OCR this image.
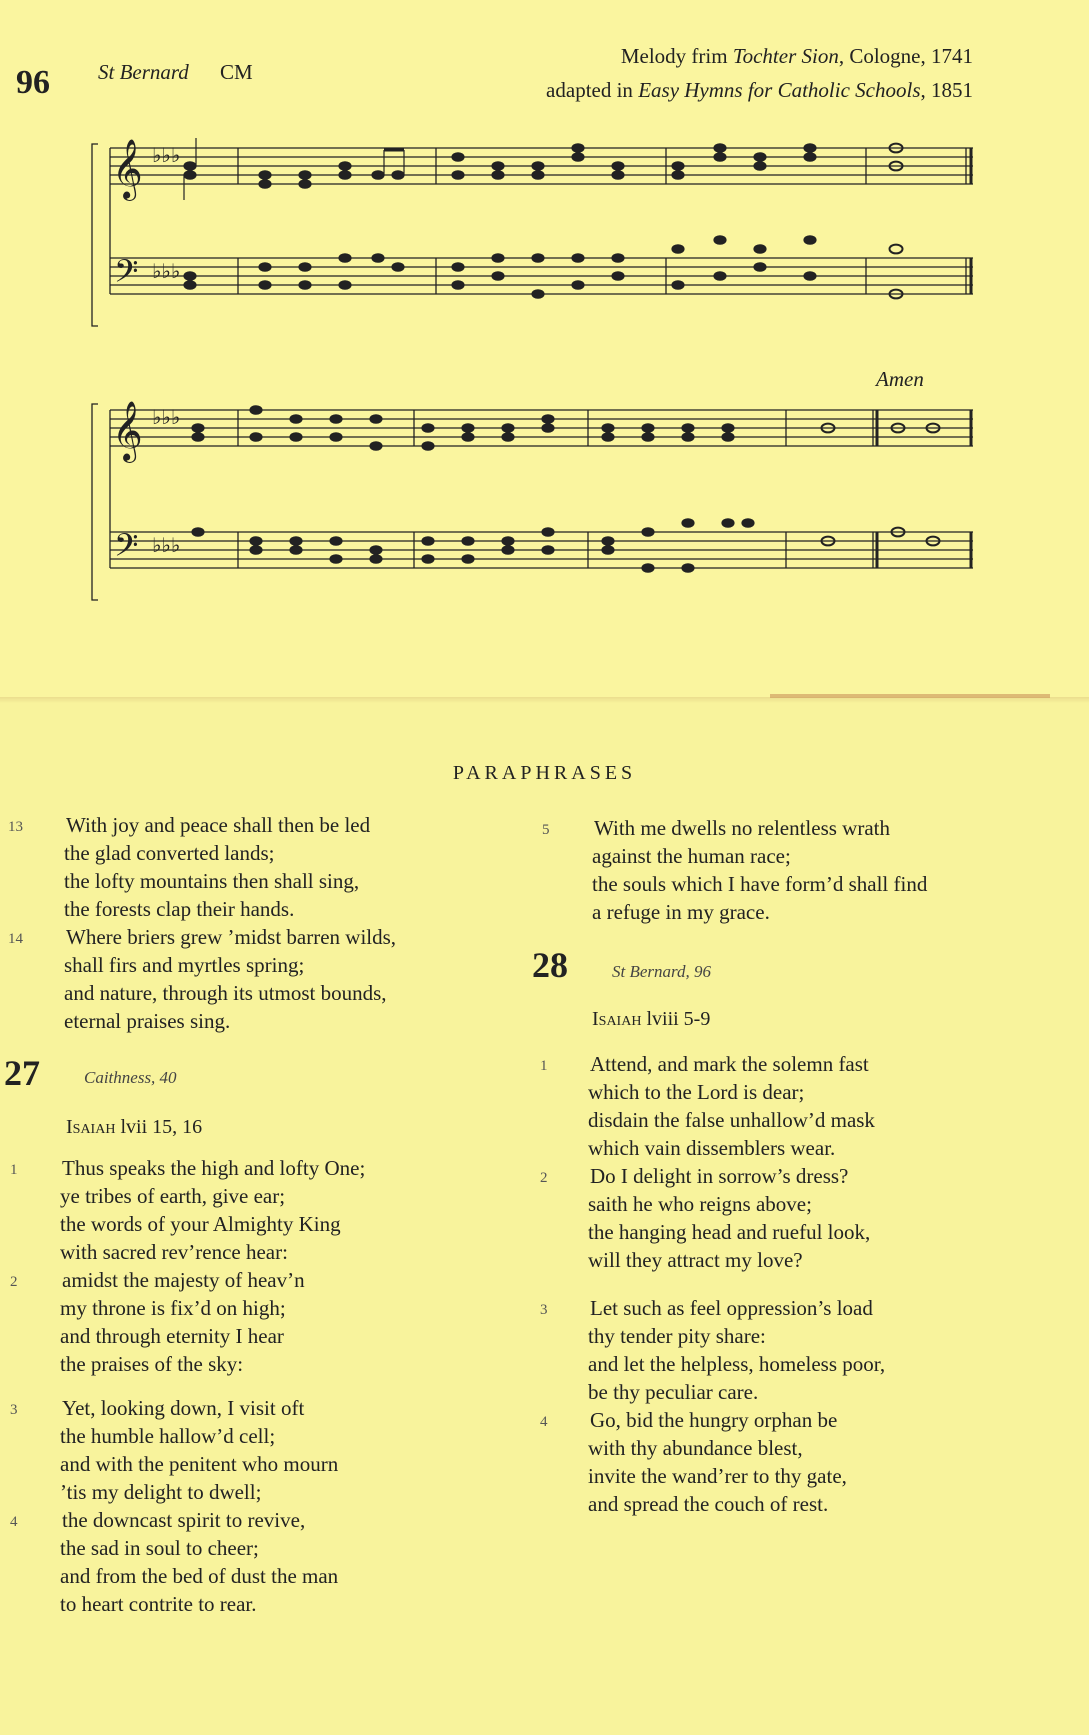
96 St Bernard CM
Melody frim Tochter Sion, Cologne, 1741
adapted in Easy Hymns for Catholic Schools, 1851
Amen
𝄞
𝄢
♭♭♭
♭♭♭
𝄞
𝄢
♭♭♭
♭♭♭
PARAPHRASES
13 With joy and peace shall then be led
the glad converted lands;
the lofty mountains then shall sing,
the forests clap their hands.
14 Where briers grew ’midst barren wilds,
shall firs and myrtles spring;
and nature, through its utmost bounds,
eternal praises sing.
27	Caithness, 40
Isaiah lvii 15, 16
1 Thus speaks the high and lofty One;
ye tribes of earth, give ear;
the words of your Almighty King
with sacred rev’rence hear:
2 amidst the majesty of heav’n
my throne is fix’d on high;
and through eternity I hear
the praises of the sky:
3 Yet, looking down, I visit oft
the humble hallow’d cell;
and with the penitent who mourn
’tis my delight to dwell;
4 the downcast spirit to revive,
the sad in soul to cheer;
and from the bed of dust the man
to heart contrite to rear.
5 With me dwells no relentless wrath
against the human race;
the souls which I have form’d shall find
a refuge in my grace.
28	St Bernard, 96
Isaiah lviii 5-9
1 Attend, and mark the solemn fast
which to the Lord is dear;
disdain the false unhallow’d mask
which vain dissemblers wear.
2 Do I delight in sorrow’s dress?
saith he who reigns above;
the hanging head and rueful look,
will they attract my love?
3 Let such as feel oppression’s load
thy tender pity share:
and let the helpless, homeless poor,
be thy peculiar care.
4 Go, bid the hungry orphan be
with thy abundance blest,
invite the wand’rer to thy gate,
and spread the couch of rest.
